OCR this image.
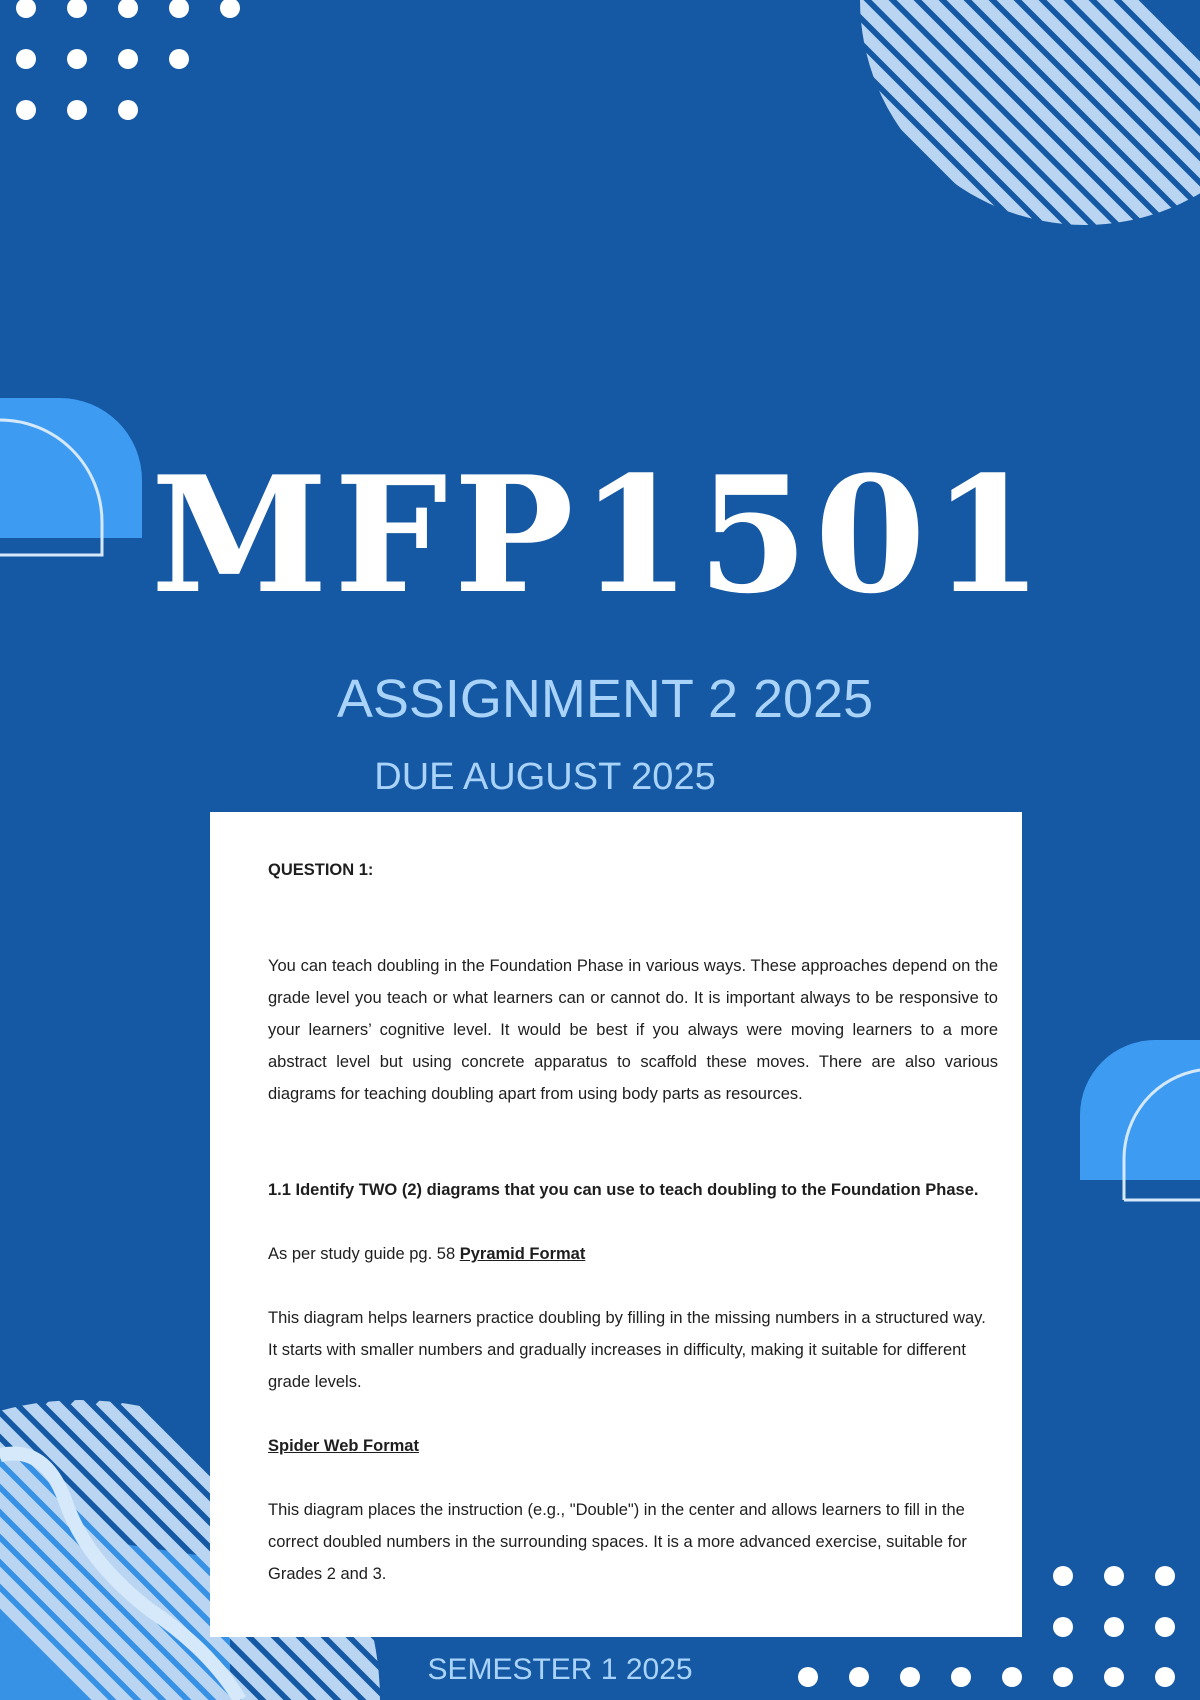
MFP1501
ASSIGNMENT 2 2025
DUE AUGUST 2025

QUESTION 1:

You can teach doubling in the Foundation Phase in various ways. These approaches depend on the grade level you teach or what learners can or cannot do. It is important always to be responsive to your learners’ cognitive level. It would be best if you always were moving learners to a more abstract level but using concrete apparatus to scaffold these moves. There are also various diagrams for teaching doubling apart from using body parts as resources.

1.1 Identify TWO (2) diagrams that you can use to teach doubling to the Foundation Phase.

As per study guide pg. 58 Pyramid Format

This diagram helps learners practice doubling by filling in the missing numbers in a structured way. It starts with smaller numbers and gradually increases in difficulty, making it suitable for different grade levels.

Spider Web Format

This diagram places the instruction (e.g., "Double") in the center and allows learners to fill in the correct doubled numbers in the surrounding spaces. It is a more advanced exercise, suitable for Grades 2 and 3.

SEMESTER 1 2025
